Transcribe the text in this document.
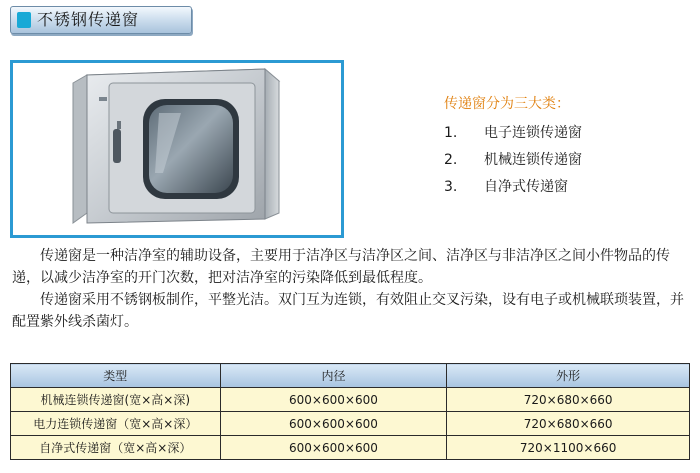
不锈钢传递窗
传递窗分为三大类：
1. 电子连锁传递窗
2. 机械连锁传递窗
3. 自净式传递窗

传递窗是一种洁净室的辅助设备，主要用于洁净区与洁净区之间、洁净区与非洁净区之间小件物品的传递，以减少洁净室的开门次数，把对洁净室的污染降低到最低程度。

传递窗采用不锈钢板制作，平整光洁。双门互为连锁，有效阻止交叉污染，设有电子或机械联琐装置，并配置紫外线杀菌灯。

类型	内径	外形
机械连锁传递窗(宽×高×深)	600×600×600	720×680×660
电力连锁传递窗（宽×高×深）	600×600×600	720×680×660
自净式传递窗（宽×高×深）	600×600×600	720×1100×660
